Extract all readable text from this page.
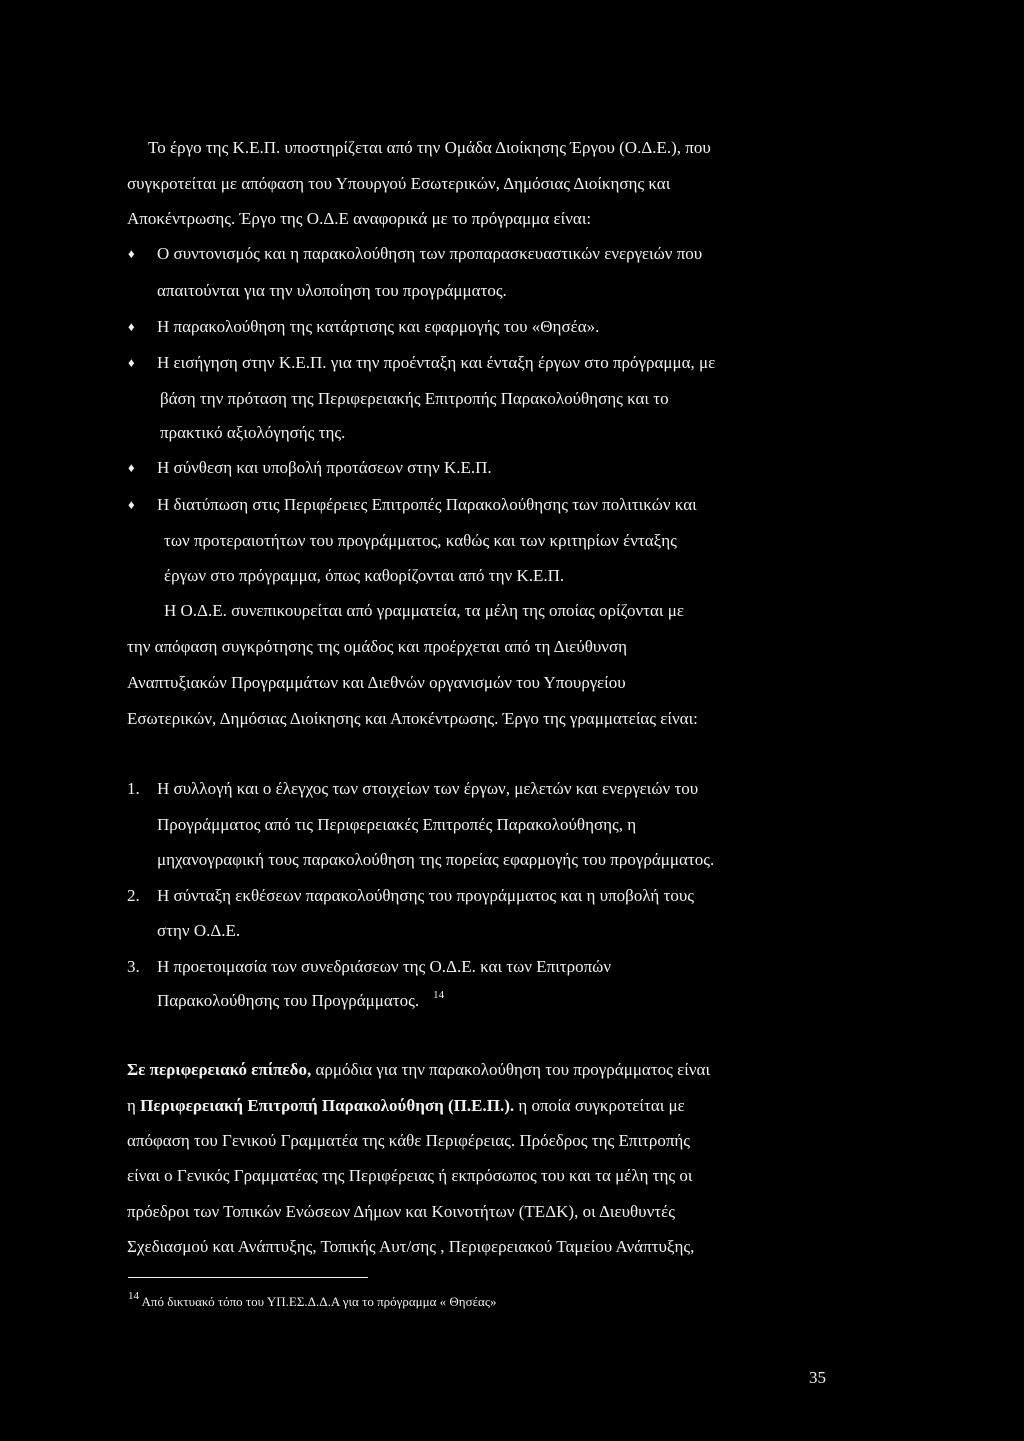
Το έργο της Κ.Ε.Π. υποστηρίζεται από την Ομάδα Διοίκησης Έργου (Ο.Δ.Ε.), που
συγκροτείται με απόφαση του Υπουργού Εσωτερικών, Δημόσιας Διοίκησης και
Αποκέντρωσης. Έργο της Ο.Δ.Ε αναφορικά με το πρόγραμμα είναι:
♦ Ο συντονισμός και η παρακολούθηση των προπαρασκευαστικών ενεργειών που
απαιτούνται για την υλοποίηση του προγράμματος.
♦ Η παρακολούθηση της κατάρτισης και εφαρμογής του «Θησέα».
♦ Η εισήγηση στην Κ.Ε.Π. για την προένταξη και ένταξη έργων στο πρόγραμμα, με
βάση την πρόταση της Περιφερειακής Επιτροπής Παρακολούθησης και το
πρακτικό αξιολόγησής της.
♦ Η σύνθεση και υποβολή προτάσεων στην Κ.Ε.Π.
♦ Η διατύπωση στις Περιφέρειες Επιτροπές Παρακολούθησης των πολιτικών και
των προτεραιοτήτων του προγράμματος, καθώς και των κριτηρίων ένταξης
έργων στο πρόγραμμα, όπως καθορίζονται από την Κ.Ε.Π.
Η Ο.Δ.Ε. συνεπικουρείται από γραμματεία, τα μέλη της οποίας ορίζονται με
την απόφαση συγκρότησης της ομάδος και προέρχεται από τη Διεύθυνση
Αναπτυξιακών Προγραμμάτων και Διεθνών οργανισμών του Υπουργείου
Εσωτερικών, Δημόσιας Διοίκησης και Αποκέντρωσης. Έργο της γραμματείας είναι:
1. Η συλλογή και ο έλεγχος των στοιχείων των έργων, μελετών και ενεργειών του
Προγράμματος από τις Περιφερειακές Επιτροπές Παρακολούθησης, η
μηχανογραφική τους παρακολούθηση της πορείας εφαρμογής του προγράμματος.
2. Η σύνταξη εκθέσεων παρακολούθησης του προγράμματος και η υποβολή τους
στην Ο.Δ.Ε.
3. Η προετοιμασία των συνεδριάσεων της Ο.Δ.Ε. και των Επιτροπών
Παρακολούθησης του Προγράμματος. $^{14}$
Σε περιφερειακό επίπεδο, αρμόδια για την παρακολούθηση του προγράμματος είναι
η Περιφερειακή Επιτροπή Παρακολούθηση (Π.Ε.Π.). η οποία συγκροτείται με
απόφαση του Γενικού Γραμματέα της κάθε Περιφέρειας. Πρόεδρος της Επιτροπής
είναι ο Γενικός Γραμματέας της Περιφέρειας ή εκπρόσωπος του και τα μέλη της οι
πρόεδροι των Τοπικών Ενώσεων Δήμων και Κοινοτήτων (ΤΕΔΚ), οι Διευθυντές
Σχεδιασμού και Ανάπτυξης, Τοπικής Αυτ/σης , Περιφερειακού Ταμείου Ανάπτυξης,
$^{14}$ Από δικτυακό τόπο του ΥΠ.ΕΣ.Δ.Δ.Α για το πρόγραμμα « Θησέας»
35
